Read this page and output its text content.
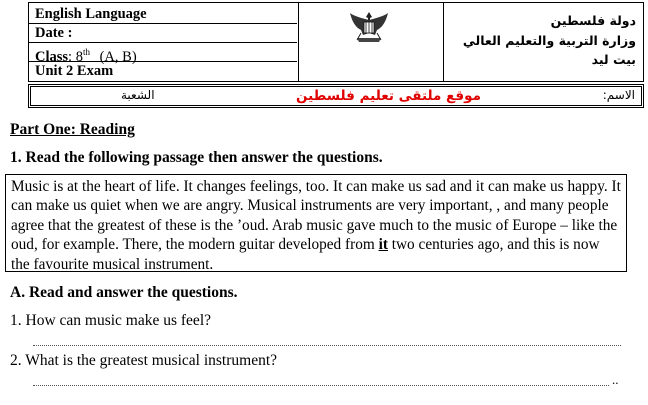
English Language
Date :
Class: 8th (A, B)
Unit 2 Exam
دولة فلسطين
وزارة التربية والتعليم العالي
بيت ليد
الاسم:
موقع ملتقى تعليم فلسطين
الشعبة
Part One: Reading
1. Read the following passage then answer the questions.
Music is at the heart of life. It changes feelings, too. It can make us sad and it can make us happy. It can make us quiet when we are angry. Musical instruments are very important, , and many people agree that the greatest of these is the ’oud. Arab music gave much to the music of Europe – like the oud, for example. There, the modern guitar developed from it two centuries ago, and this is now the favourite musical instrument.
A. Read and answer the questions.
1. How can music make us feel?
2. What is the greatest musical instrument?
..
